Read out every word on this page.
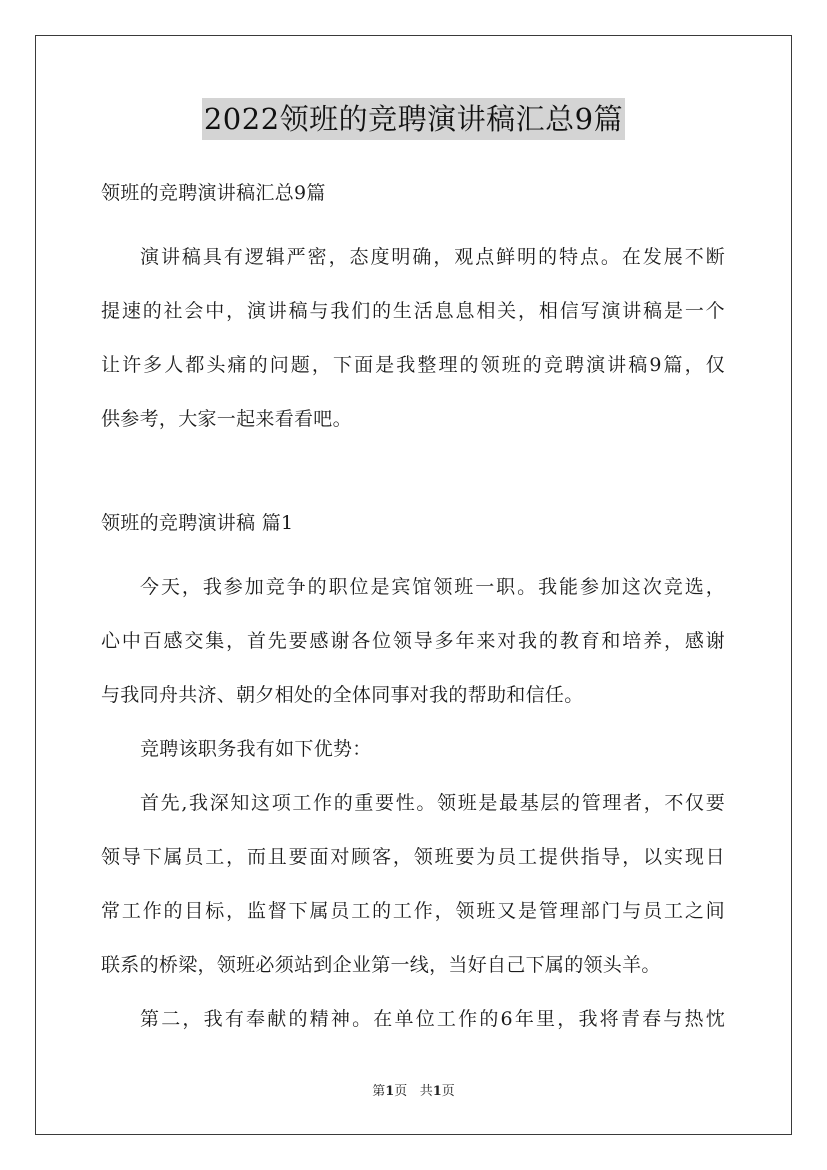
2022领班的竞聘演讲稿汇总9篇
领班的竞聘演讲稿汇总9篇
演讲稿具有逻辑严密，态度明确，观点鲜明的特点。在发展不断
提速的社会中，演讲稿与我们的生活息息相关，相信写演讲稿是一个
让许多人都头痛的问题，下面是我整理的领班的竞聘演讲稿9篇，仅
供参考，大家一起来看看吧。
领班的竞聘演讲稿 篇1
今天，我参加竞争的职位是宾馆领班一职。我能参加这次竞选，
心中百感交集，首先要感谢各位领导多年来对我的教育和培养，感谢
与我同舟共济、朝夕相处的全体同事对我的帮助和信任。
竞聘该职务我有如下优势：
首先,我深知这项工作的重要性。领班是最基层的管理者，不仅要
领导下属员工，而且要面对顾客，领班要为员工提供指导，以实现日
常工作的目标，监督下属员工的工作，领班又是管理部门与员工之间
联系的桥梁，领班必须站到企业第一线，当好自己下属的领头羊。
第二，我有奉献的精神。在单位工作的6年里，我将青春与热忱
第1页 共1页
